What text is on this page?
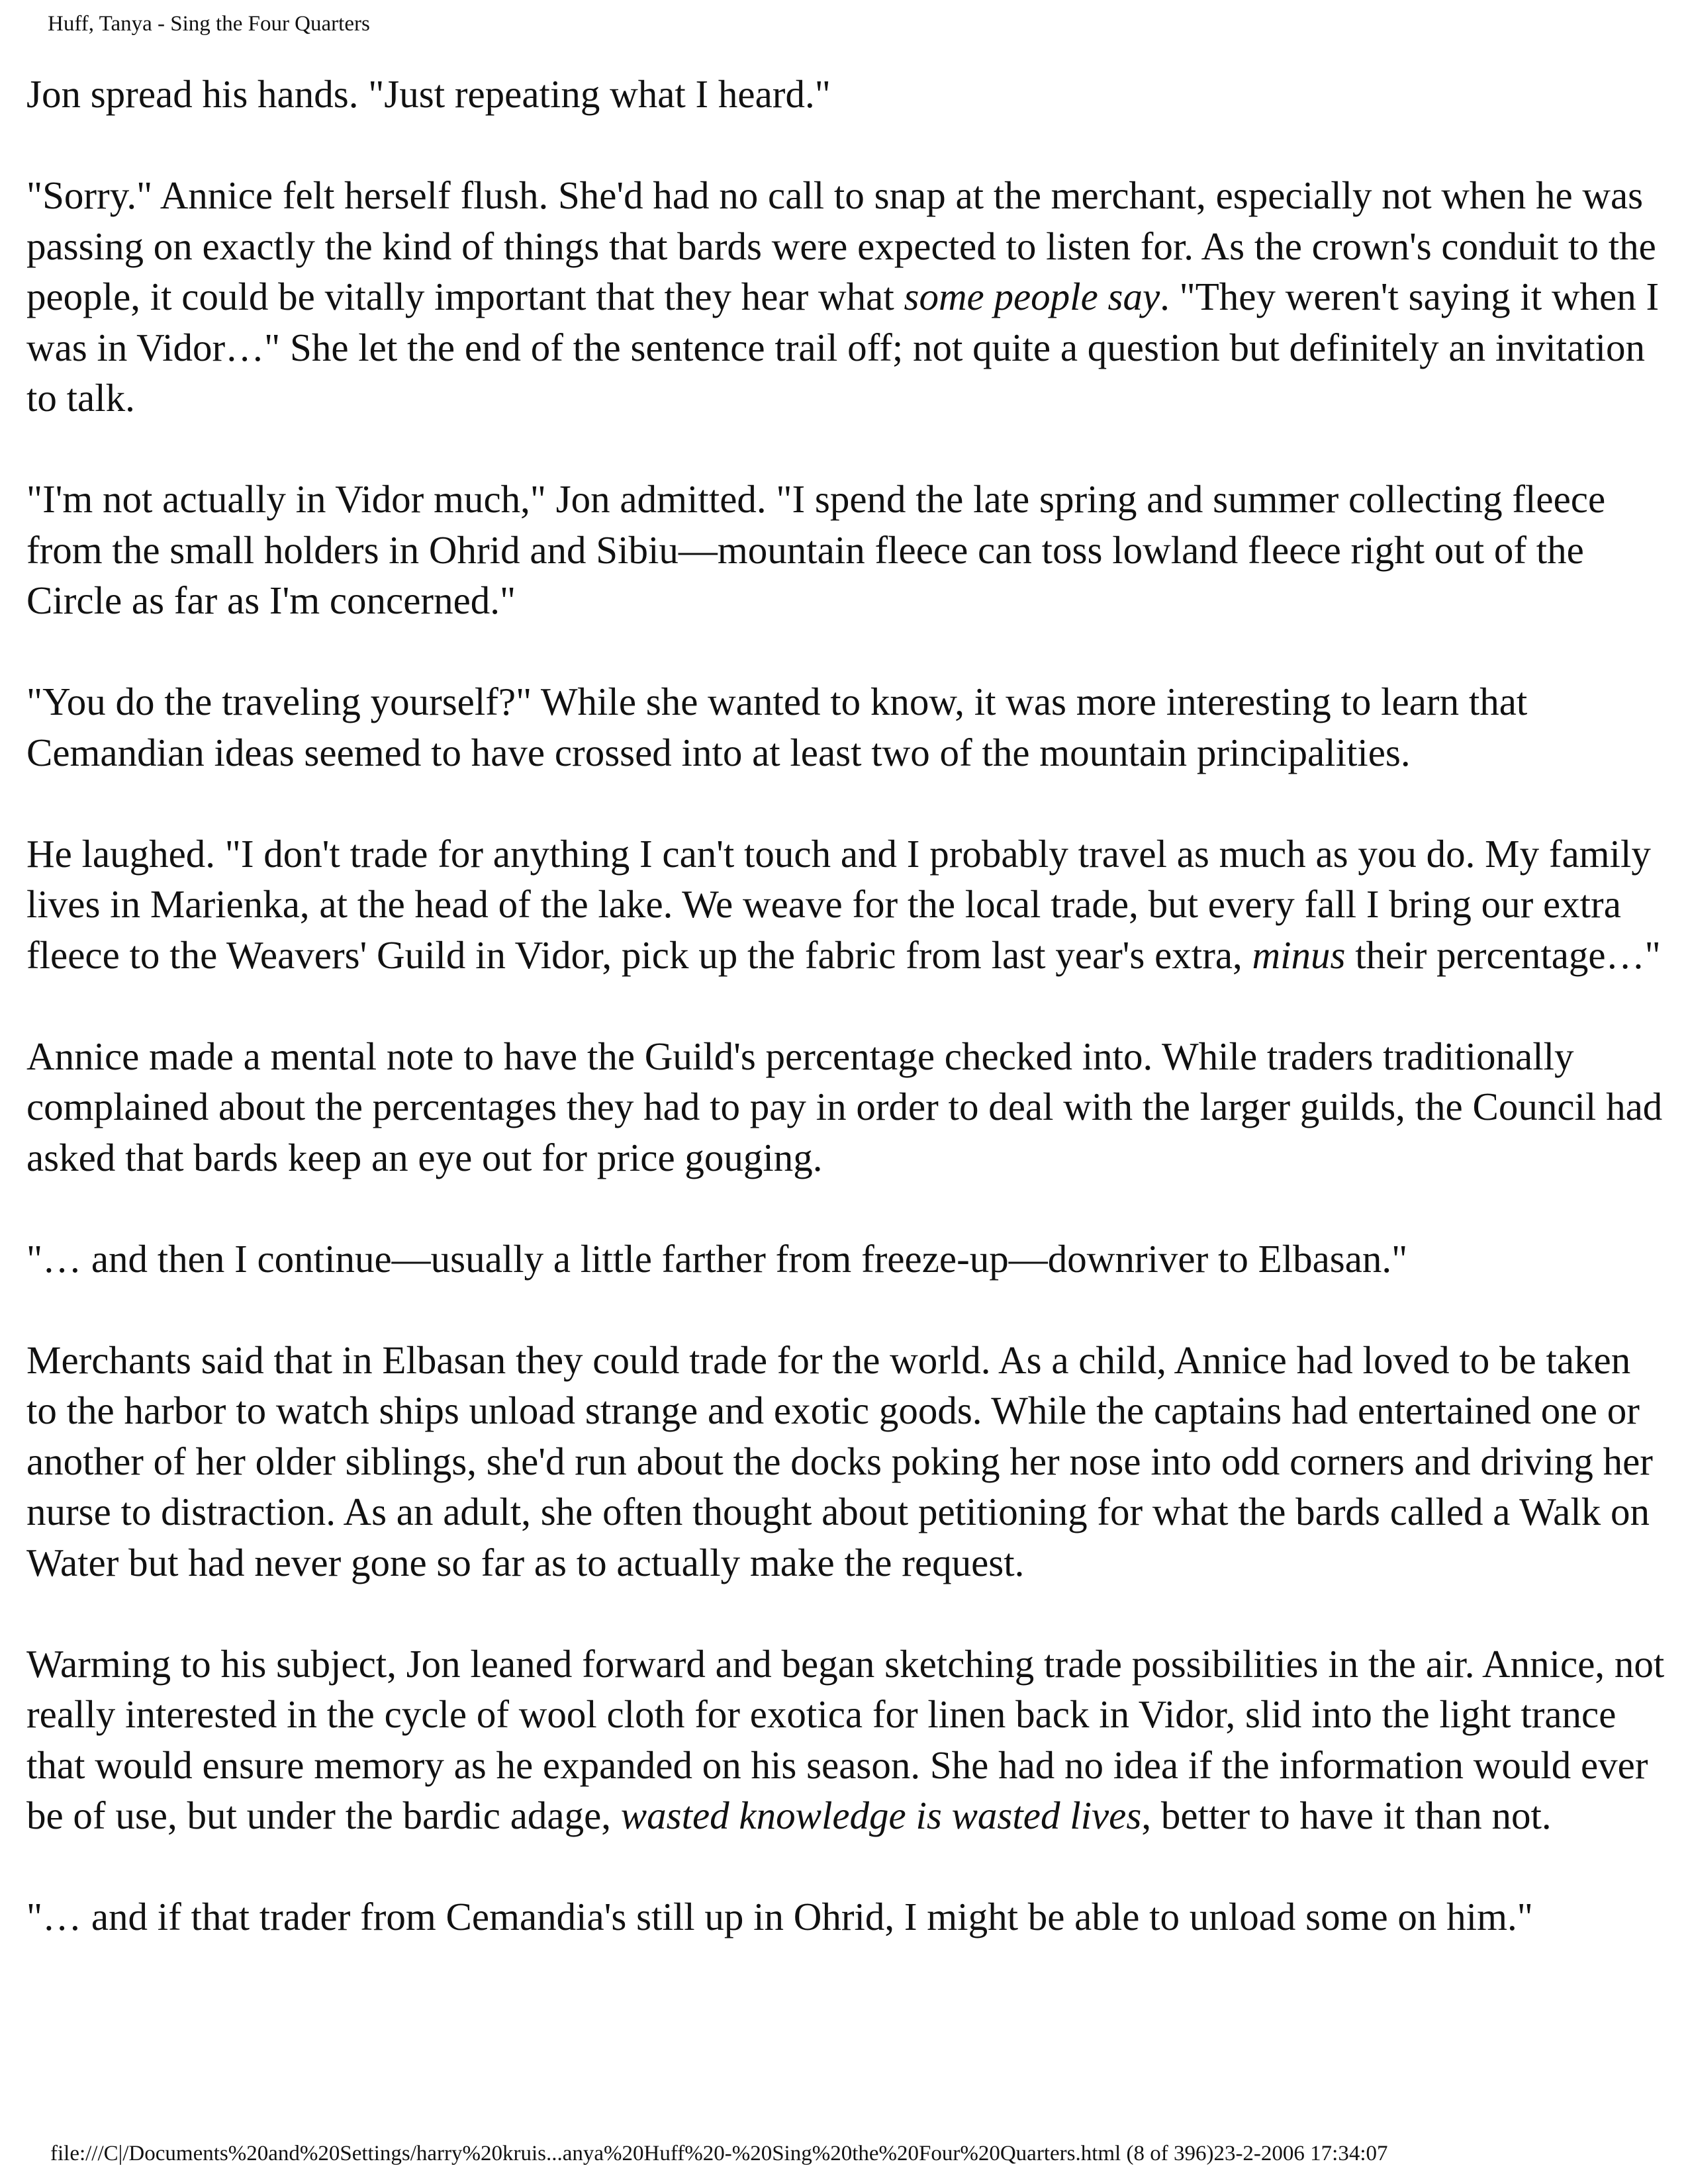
Huff, Tanya - Sing the Four Quarters

Jon spread his hands. "Just repeating what I heard."

"Sorry." Annice felt herself flush. She'd had no call to snap at the merchant, especially not when he was passing on exactly the kind of things that bards were expected to listen for. As the crown's conduit to the people, it could be vitally important that they hear what some people say. "They weren't saying it when I was in Vidor…" She let the end of the sentence trail off; not quite a question but definitely an invitation to talk.

"I'm not actually in Vidor much," Jon admitted. "I spend the late spring and summer collecting fleece from the small holders in Ohrid and Sibiu—mountain fleece can toss lowland fleece right out of the Circle as far as I'm concerned."

"You do the traveling yourself?" While she wanted to know, it was more interesting to learn that Cemandian ideas seemed to have crossed into at least two of the mountain principalities.

He laughed. "I don't trade for anything I can't touch and I probably travel as much as you do. My family lives in Marienka, at the head of the lake. We weave for the local trade, but every fall I bring our extra fleece to the Weavers' Guild in Vidor, pick up the fabric from last year's extra, minus their percentage…"

Annice made a mental note to have the Guild's percentage checked into. While traders traditionally complained about the percentages they had to pay in order to deal with the larger guilds, the Council had asked that bards keep an eye out for price gouging.

"… and then I continue—usually a little farther from freeze-up—downriver to Elbasan."

Merchants said that in Elbasan they could trade for the world. As a child, Annice had loved to be taken to the harbor to watch ships unload strange and exotic goods. While the captains had entertained one or another of her older siblings, she'd run about the docks poking her nose into odd corners and driving her nurse to distraction. As an adult, she often thought about petitioning for what the bards called a Walk on Water but had never gone so far as to actually make the request.

Warming to his subject, Jon leaned forward and began sketching trade possibilities in the air. Annice, not really interested in the cycle of wool cloth for exotica for linen back in Vidor, slid into the light trance that would ensure memory as he expanded on his season. She had no idea if the information would ever be of use, but under the bardic adage, wasted knowledge is wasted lives, better to have it than not.

"… and if that trader from Cemandia's still up in Ohrid, I might be able to unload some on him."

file:///C|/Documents%20and%20Settings/harry%20kruis...anya%20Huff%20-%20Sing%20the%20Four%20Quarters.html (8 of 396)23-2-2006 17:34:07
